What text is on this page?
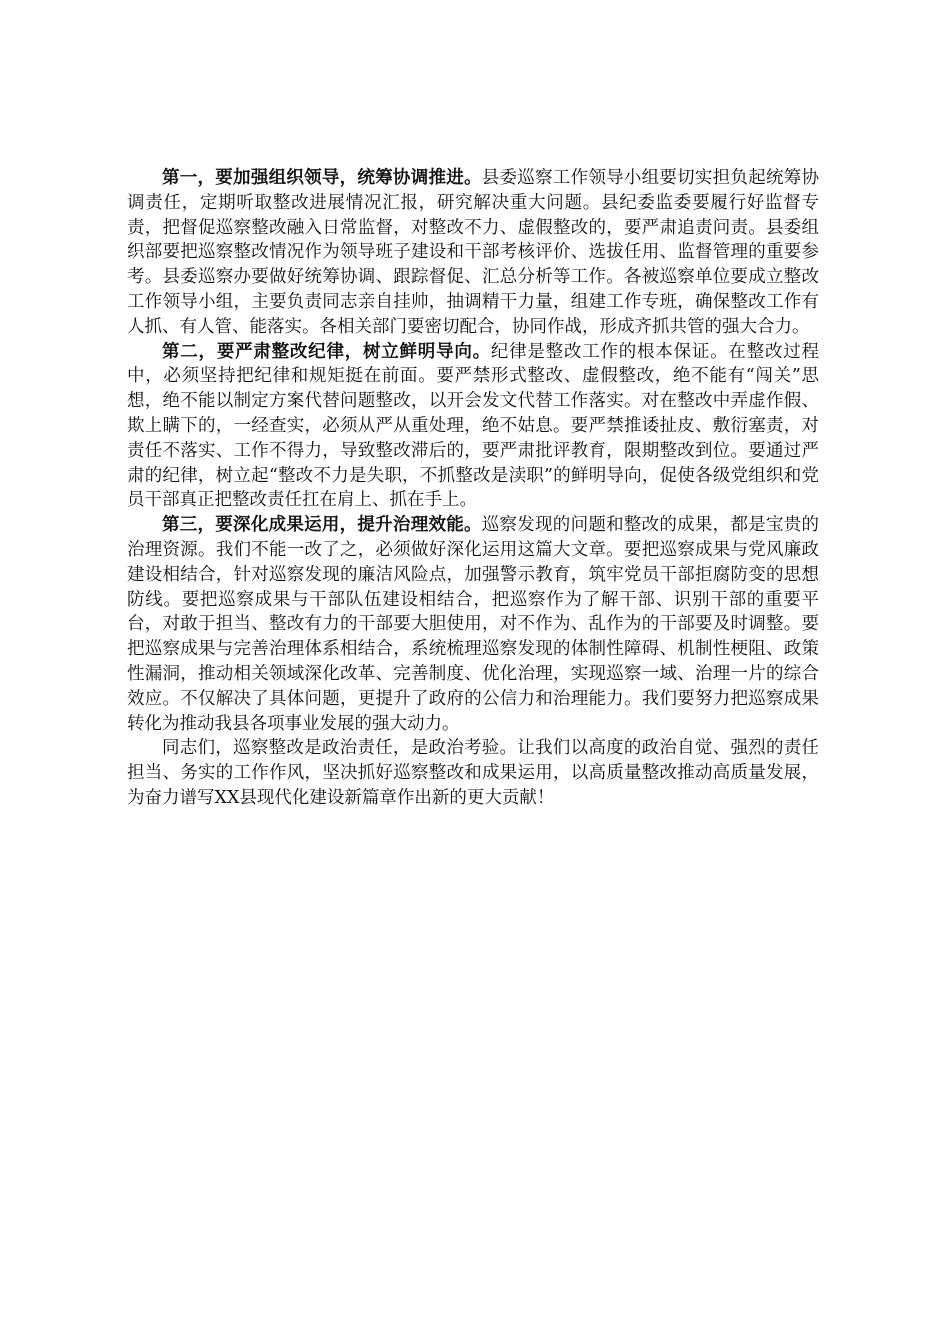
第一，要加强组织领导，统筹协调推进。县委巡察工作领导小组要切实担负起统筹协调责任，定期听取整改进展情况汇报，研究解决重大问题。县纪委监委要履行好监督专责，把督促巡察整改融入日常监督，对整改不力、虚假整改的，要严肃追责问责。县委组织部要把巡察整改情况作为领导班子建设和干部考核评价、选拔任用、监督管理的重要参考。县委巡察办要做好统筹协调、跟踪督促、汇总分析等工作。各被巡察单位要成立整改工作领导小组，主要负责同志亲自挂帅，抽调精干力量，组建工作专班，确保整改工作有人抓、有人管、能落实。各相关部门要密切配合，协同作战，形成齐抓共管的强大合力。

第二，要严肃整改纪律，树立鲜明导向。纪律是整改工作的根本保证。在整改过程中，必须坚持把纪律和规矩挺在前面。要严禁形式整改、虚假整改，绝不能有“闯关”思想，绝不能以制定方案代替问题整改，以开会发文代替工作落实。对在整改中弄虚作假、欺上瞒下的，一经查实，必须从严从重处理，绝不姑息。要严禁推诿扯皮、敷衍塞责，对责任不落实、工作不得力，导致整改滞后的，要严肃批评教育，限期整改到位。要通过严肃的纪律，树立起“整改不力是失职，不抓整改是渎职”的鲜明导向，促使各级党组织和党员干部真正把整改责任扛在肩上、抓在手上。

第三，要深化成果运用，提升治理效能。巡察发现的问题和整改的成果，都是宝贵的治理资源。我们不能一改了之，必须做好深化运用这篇大文章。要把巡察成果与党风廉政建设相结合，针对巡察发现的廉洁风险点，加强警示教育，筑牢党员干部拒腐防变的思想防线。要把巡察成果与干部队伍建设相结合，把巡察作为了解干部、识别干部的重要平台，对敢于担当、整改有力的干部要大胆使用，对不作为、乱作为的干部要及时调整。要把巡察成果与完善治理体系相结合，系统梳理巡察发现的体制性障碍、机制性梗阻、政策性漏洞，推动相关领域深化改革、完善制度、优化治理，实现巡察一域、治理一片的综合效应。不仅解决了具体问题，更提升了政府的公信力和治理能力。我们要努力把巡察成果转化为推动我县各项事业发展的强大动力。

同志们，巡察整改是政治责任，是政治考验。让我们以高度的政治自觉、强烈的责任担当、务实的工作作风，坚决抓好巡察整改和成果运用，以高质量整改推动高质量发展，为奋力谱写XX县现代化建设新篇章作出新的更大贡献！
